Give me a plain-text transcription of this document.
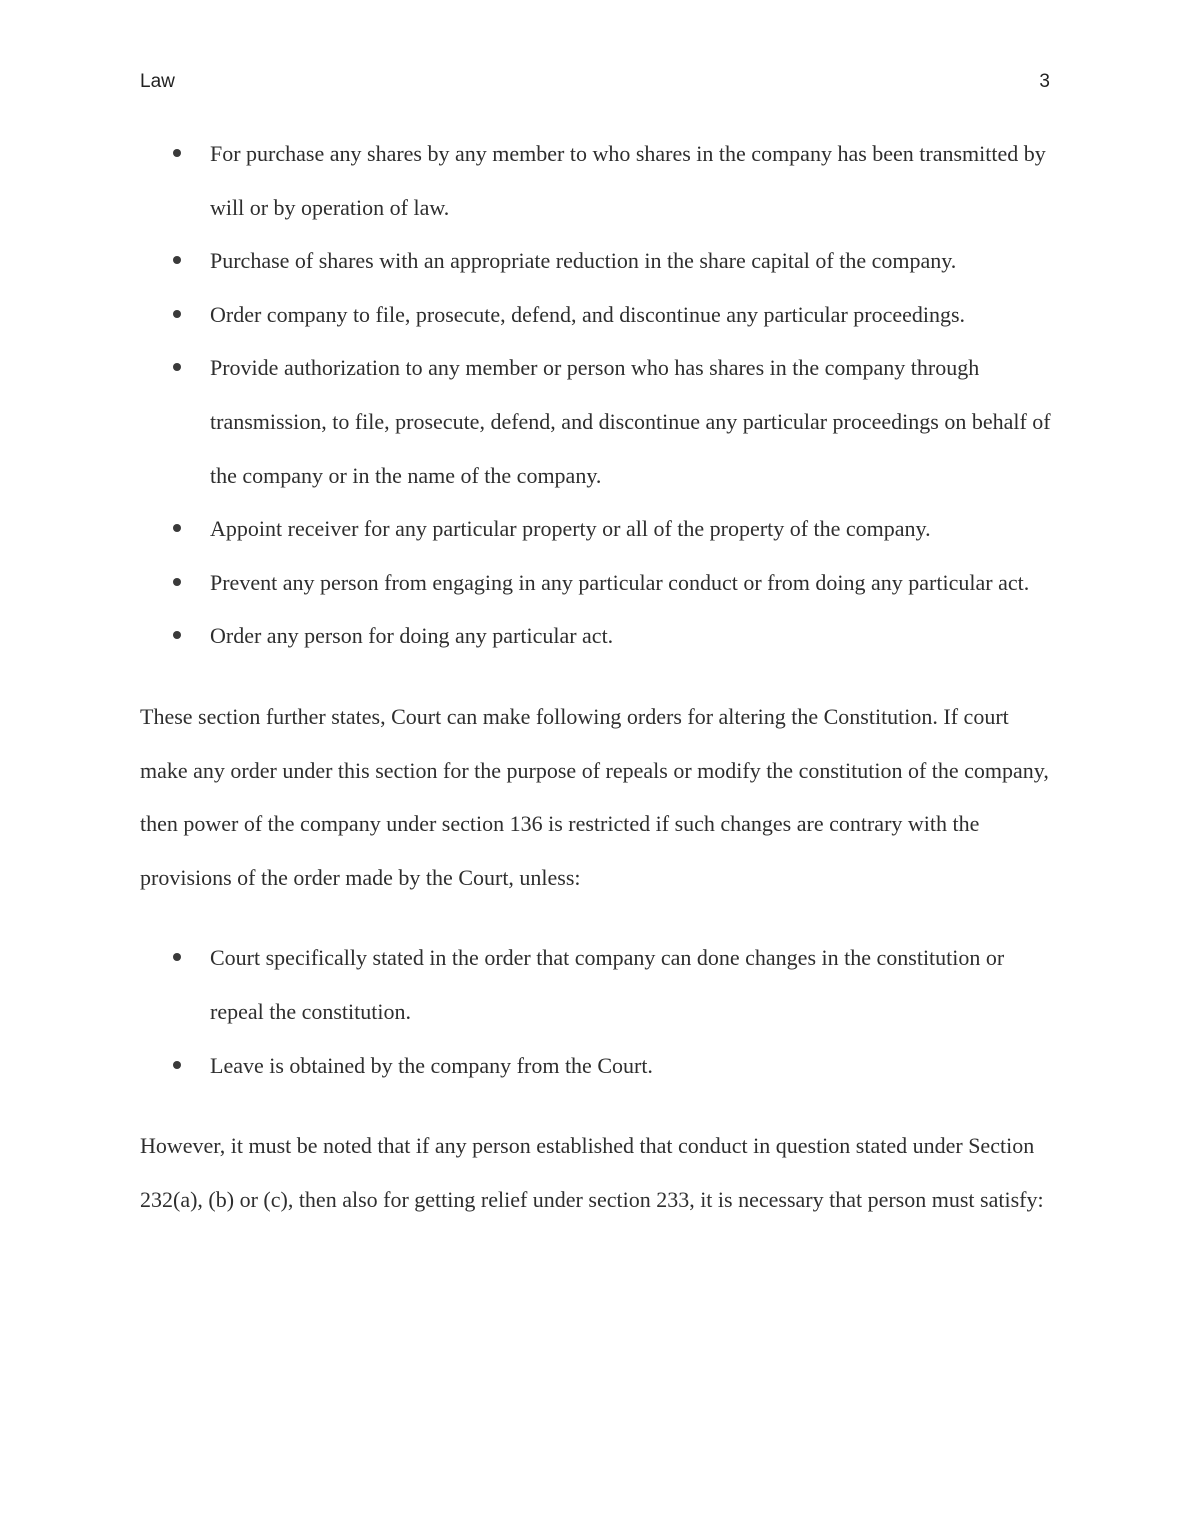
Law	3
For purchase any shares by any member to who shares in the company has been transmitted by will or by operation of law.
Purchase of shares with an appropriate reduction in the share capital of the company.
Order company to file, prosecute, defend, and discontinue any particular proceedings.
Provide authorization to any member or person who has shares in the company through transmission, to file, prosecute, defend, and discontinue any particular proceedings on behalf of the company or in the name of the company.
Appoint receiver for any particular property or all of the property of the company.
Prevent any person from engaging in any particular conduct or from doing any particular act.
Order any person for doing any particular act.

These section further states, Court can make following orders for altering the Constitution. If court make any order under this section for the purpose of repeals or modify the constitution of the company, then power of the company under section 136 is restricted if such changes are contrary with the provisions of the order made by the Court, unless:

Court specifically stated in the order that company can done changes in the constitution or repeal the constitution.
Leave is obtained by the company from the Court.

However, it must be noted that if any person established that conduct in question stated under Section 232(a), (b) or (c), then also for getting relief under section 233, it is necessary that person must satisfy:
